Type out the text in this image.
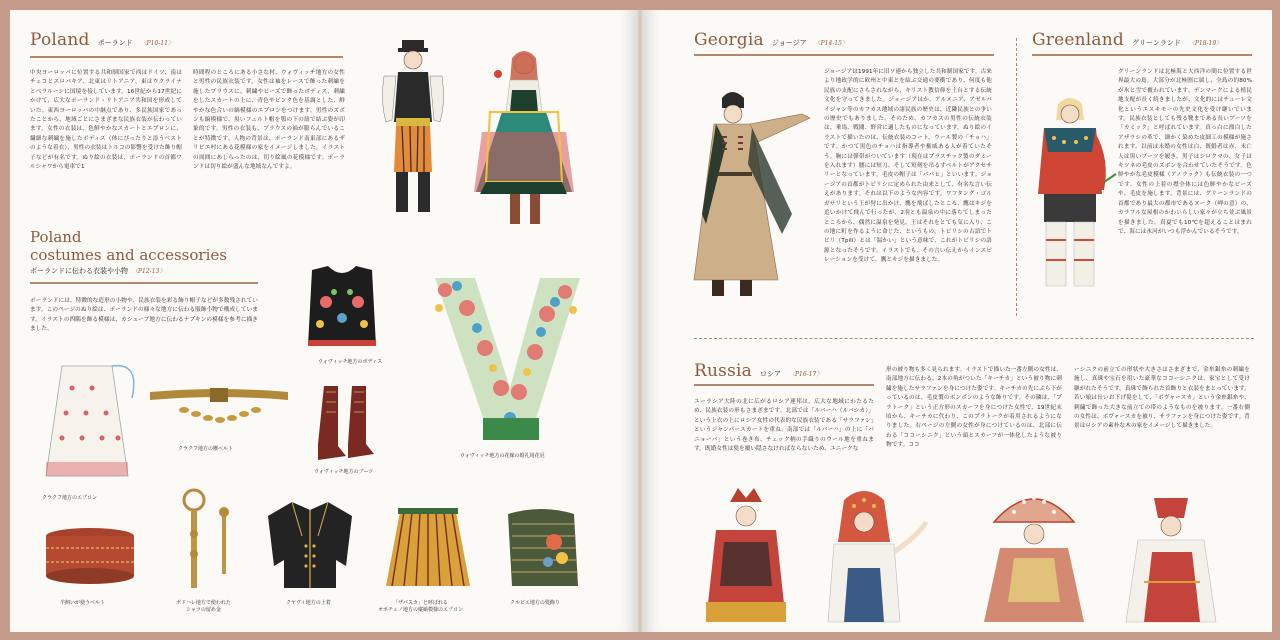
Poland ポーランド 〈P10-11〉
中央ヨーロッパに位置する共和制国家で西はドイツ、南はチェコとスロバキア、北東はリトアニア、東はウクライナとベラルーシに国境を接しています。16世紀から17世紀にかけて、広大なポーランド・リトアニア共和国を形成していた。東西ヨーロッパの中継点であり、多民族国家であったことから、地域ごとにさまざまな民族衣装が伝わっています。女性の衣装は、色鮮やかなスカートとエプロンに、繊細な刺繍を施したボディス（体にぴったりと添うベストのような着衣）、男性の衣装はトルコの影響を受けた飾り帽子などが有名です。ぬり絵の衣装は、ポーランドの首都ワルシャワから電車で1
時間程のところにある小さな村、ウォヴィッチ地方の女性と男性の民族衣装です。女性は袖をレースで飾った刺繍を施したブラウスに、刺繍やビーズで飾ったボディス、刺繍をしたスカートの上に、青色やピンク色を基調とした、鮮やかな色合いの縞模様のエプロンをつけます。男性のズボンも縞模様で、黒いフェルト帽を顎の下の紐で結ぶ姿が印象的です。男性の衣装も、ブラウスの袖が膨らんでいることが特徴です。人物の背景は、ポーランド南東部にあるザリピエ村にある花模様の家をイメージしました。イラストの周囲にあしらったのは、切り絵風の花模様です。ポーランドは切り絵が盛んな地域なんですよ。
Poland
costumes and accessories
ポーランドに伝わる衣装や小物 〈P12-13〉
ポーランドには、特徴的な造形の小物や、民族衣装を彩る飾り帽子などが多数残されています。このページのぬり絵は、ポーランドの様々な地方に伝わる服飾小物で構成しています。イラストの四隅を飾る模様は、カシューブ地方に伝わるナプキンの模様を参考に描きました。
ウォヴィッチ地方のボディス
ウォヴィッチ地方の花嫁の婚礼用花冠
クラクフ地方のエプロン
クラクフ地方の腰ベルト
ウォヴィッチ地方のブーツ
羊飼いが使うベルト	ボドハレ地方で使われた
シャツの留め金
クヤヴィ地方の上着	「ザパスカ」と呼ばれる
オポチュノ地方の縦縞模様のエプロン
クルピエ地方の髪飾り
Georgia ジョージア 〈P14-15〉
ジョージアは1991年に旧ソ連から独立した共和制国家です。古来より地政学的に欧州と中東とを結ぶ交通の要衝であり、何度も他民族の支配にさらされながら、キリスト教信仰を土台とする伝統文化を守ってきました。ジョージアはか、アルメニア、アゼルバイジャン等のカフカス地域の諸民族の歴史は、近隣民族との争いの歴史でもありました。そのため、カフカスの男性の伝統衣装は、乗馬、戦闘、野営に適したものになっています。ぬり絵のイラストで描いたのは、伝統衣装のコート、ウール製の「チョハ」です。かつて黒色のチョハは指導者や権威ある人が着ていたそう。胸には弾帯がついています（現在はプラスチック製のダミーを入れます）腰には短刀、そして短剣を吊るすベルトがアクセサリーとなっています。毛皮の帽子は「パパヒ」といいます。ジョージアの首都がトビリシに定められた由来として、有名な言い伝えがあります。それは以下のような内容です。ワフタング・ゴルガサリという王が狩に出かけ、鷹を飛ばしたところ、鷹はキジを追いかけて飛んで行ったが、2羽とも温泉の中に落ちてしまったところから、偶然に温泉を発見。王はそれをとても気に入り、この地に町を作るように命じた、というもの。トビリシの古語でトビリ（Tpili）とは「温かい」という意味で、これがトビリシの語源となったそうです。イラストでも、その言い伝えからインスピレーションを受けて、鷹とキジを描きました。
Greenland グリーンランド 〈P18-19〉
グリーンランドは北極海と大西洋の間に位置する世界最大の島。大部分が北極圏に属し、全島の約80%が氷と雪で覆われています。デンマークによる植民地支配が長く続きましたが、文化的にはチューレ文化というエスキモーの先史文化を受け継いでいます。民族衣装としても残る靴まである長いブーツを「カミック」と呼ばれています。真っ白に漂白したアザラシの革で、細かく染めた皮細工の模様が施されます。以前は未婚の女性は白、既婚者は赤、未亡人は黒いブーツを履き、男子はシロクマの、女子はキツネの毛皮のズボンを合わせていたそうです。色鮮やかな毛皮模様（アノラック）も伝統衣装の一つです。女性の上着の襟全体には色鮮やかなビーズや、毛皮を施します。背景には、グリーンランドの首都であり最大の都市であるヌーク（岬の意）の、カラフルな屋根のかわいらしい家々が立ち並ぶ風景を描きました。真夏でも10℃を超えることはまれで、海には氷河がいつも浮かんでいるそうです。
Russia ロシア 〈P16-17〉
ユーラシア大陸の北に広がるロシア連邦は、広大な地域にわたるため、民族衣装の形もさまざまです。北部では「ルバーハ（ルバシカ）」という上衣の上にロシア女性の代表的な民族衣装である「サラファン」というジャンパースカートを重ね、南部では「ルバーハ」の上に「パニョーバ」という巻き布、チェック柄の手織りのウール地を重ねます。既婚女性は髪を覆い隠さなければならないため、ユニークな
形の被り物も多く見られます。イラストで描いた一番左側の女性は、南部地方に伝わる、2本の角がついた「キーチカ」という被り物に刺繍を施したサラファンを身につけた姿です。キーチカの先にぶら下がっているのは、毛皮製のボンボンのような飾りです。その隣は、「プラトーク」という正方形のスカーフを身につけた女性で、19世紀末頃から、キーチカに代わり、このプラトークが着用されるようになりました。右ページの左側の女性が身につけているのは、北部に伝わる「ココーシニク」という頭とスカーフが一体化したような被り物です。ココ
ーシニクの前立ての形状や大きさはさまざまで、金糸銀糸の刺繍を施し、真珠や宝石を用いた豪華なココーシニクは、家宝として受け継がれたそうです。真珠で飾られた首飾りと衣装をまとっています。若い娘は長いお下げ髪をして、「ボヴャースカ」という金糸銀糸や、刺繍で飾った大きな前立ての帯のようなものを被ります。一番右側の女性は、ボヴャースカを被り、サラファンを身につけた姿です。背景はロシアの素朴な木の家をイメージして描きました。
